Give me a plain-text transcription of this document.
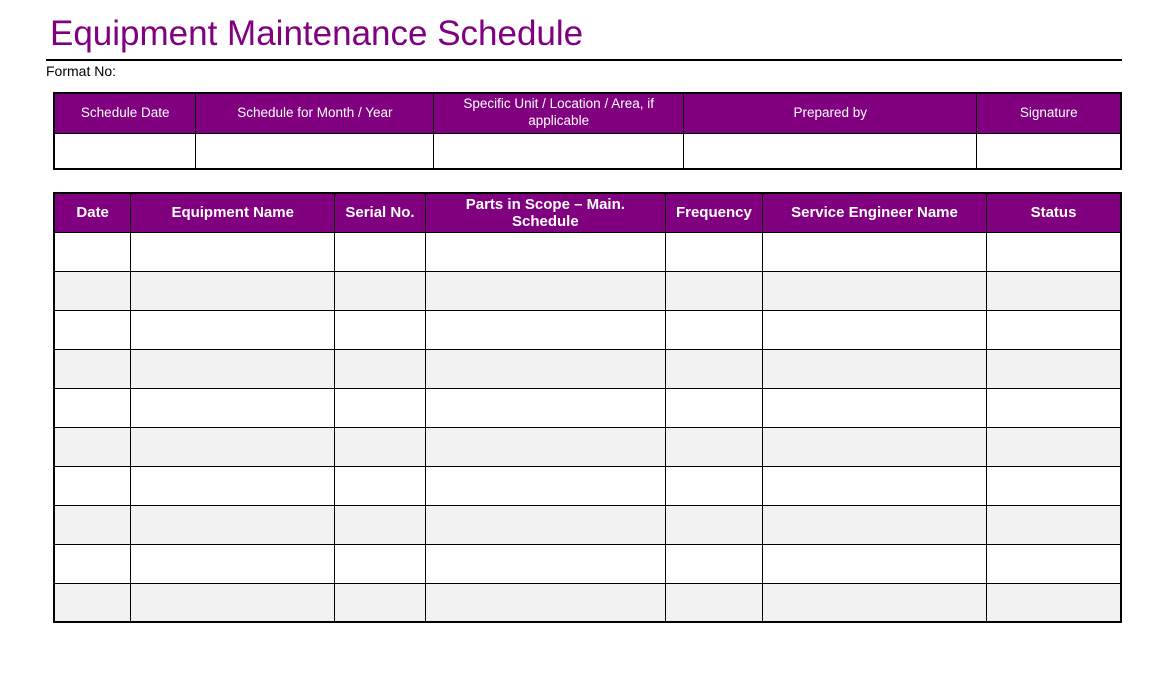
Equipment Maintenance Schedule
Format No:
Schedule Date	Schedule for Month / Year	Specific Unit / Location / Area, if applicable	Prepared by	Signature

Date	Equipment Name	Serial No.	Parts in Scope – Main. Schedule	Frequency	Service Engineer Name	Status
